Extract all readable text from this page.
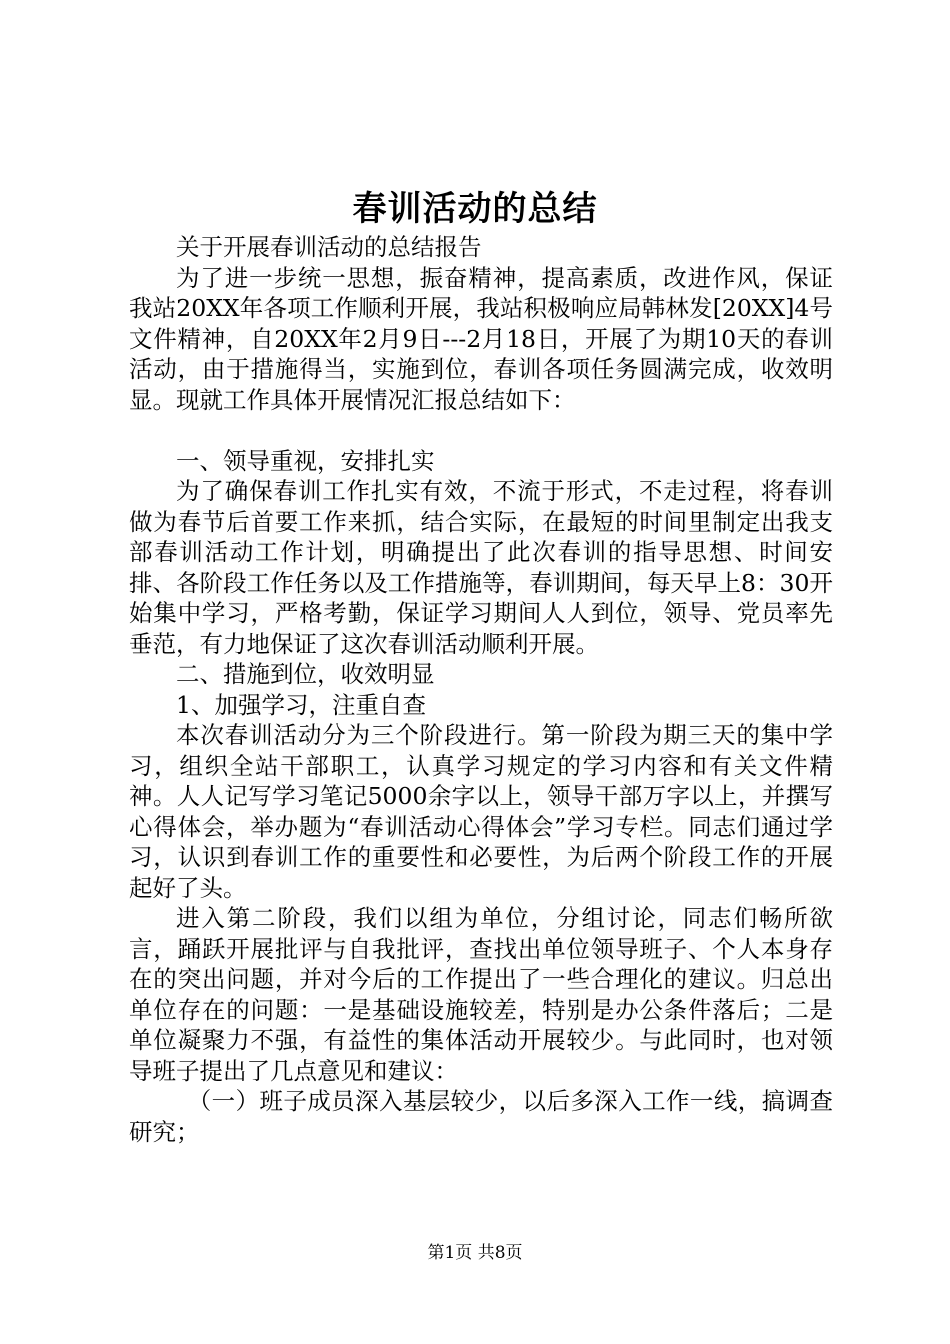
春训活动的总结

关于开展春训活动的总结报告

为了进一步统一思想，振奋精神，提高素质，改进作风，保证我站20XX年各项工作顺利开展，我站积极响应局韩林发[20XX]4号文件精神，自20XX年2月9日---2月18日，开展了为期10天的春训活动，由于措施得当，实施到位，春训各项任务圆满完成，收效明显。现就工作具体开展情况汇报总结如下：

一、领导重视，安排扎实

为了确保春训工作扎实有效，不流于形式，不走过程，将春训做为春节后首要工作来抓，结合实际，在最短的时间里制定出我支部春训活动工作计划，明确提出了此次春训的指导思想、时间安排、各阶段工作任务以及工作措施等，春训期间，每天早上8：30开始集中学习，严格考勤，保证学习期间人人到位，领导、党员率先垂范，有力地保证了这次春训活动顺利开展。

二、措施到位，收效明显

1、加强学习，注重自查

本次春训活动分为三个阶段进行。第一阶段为期三天的集中学习，组织全站干部职工，认真学习规定的学习内容和有关文件精神。人人记写学习笔记5000余字以上，领导干部万字以上，并撰写心得体会，举办题为“春训活动心得体会”学习专栏。同志们通过学习，认识到春训工作的重要性和必要性，为后两个阶段工作的开展起好了头。

进入第二阶段，我们以组为单位，分组讨论，同志们畅所欲言，踊跃开展批评与自我批评，查找出单位领导班子、个人本身存在的突出问题，并对今后的工作提出了一些合理化的建议。归总出单位存在的问题：一是基础设施较差，特别是办公条件落后；二是单位凝聚力不强，有益性的集体活动开展较少。与此同时，也对领导班子提出了几点意见和建议：

（一）班子成员深入基层较少，以后多深入工作一线，搞调查研究；

第1页 共8页
